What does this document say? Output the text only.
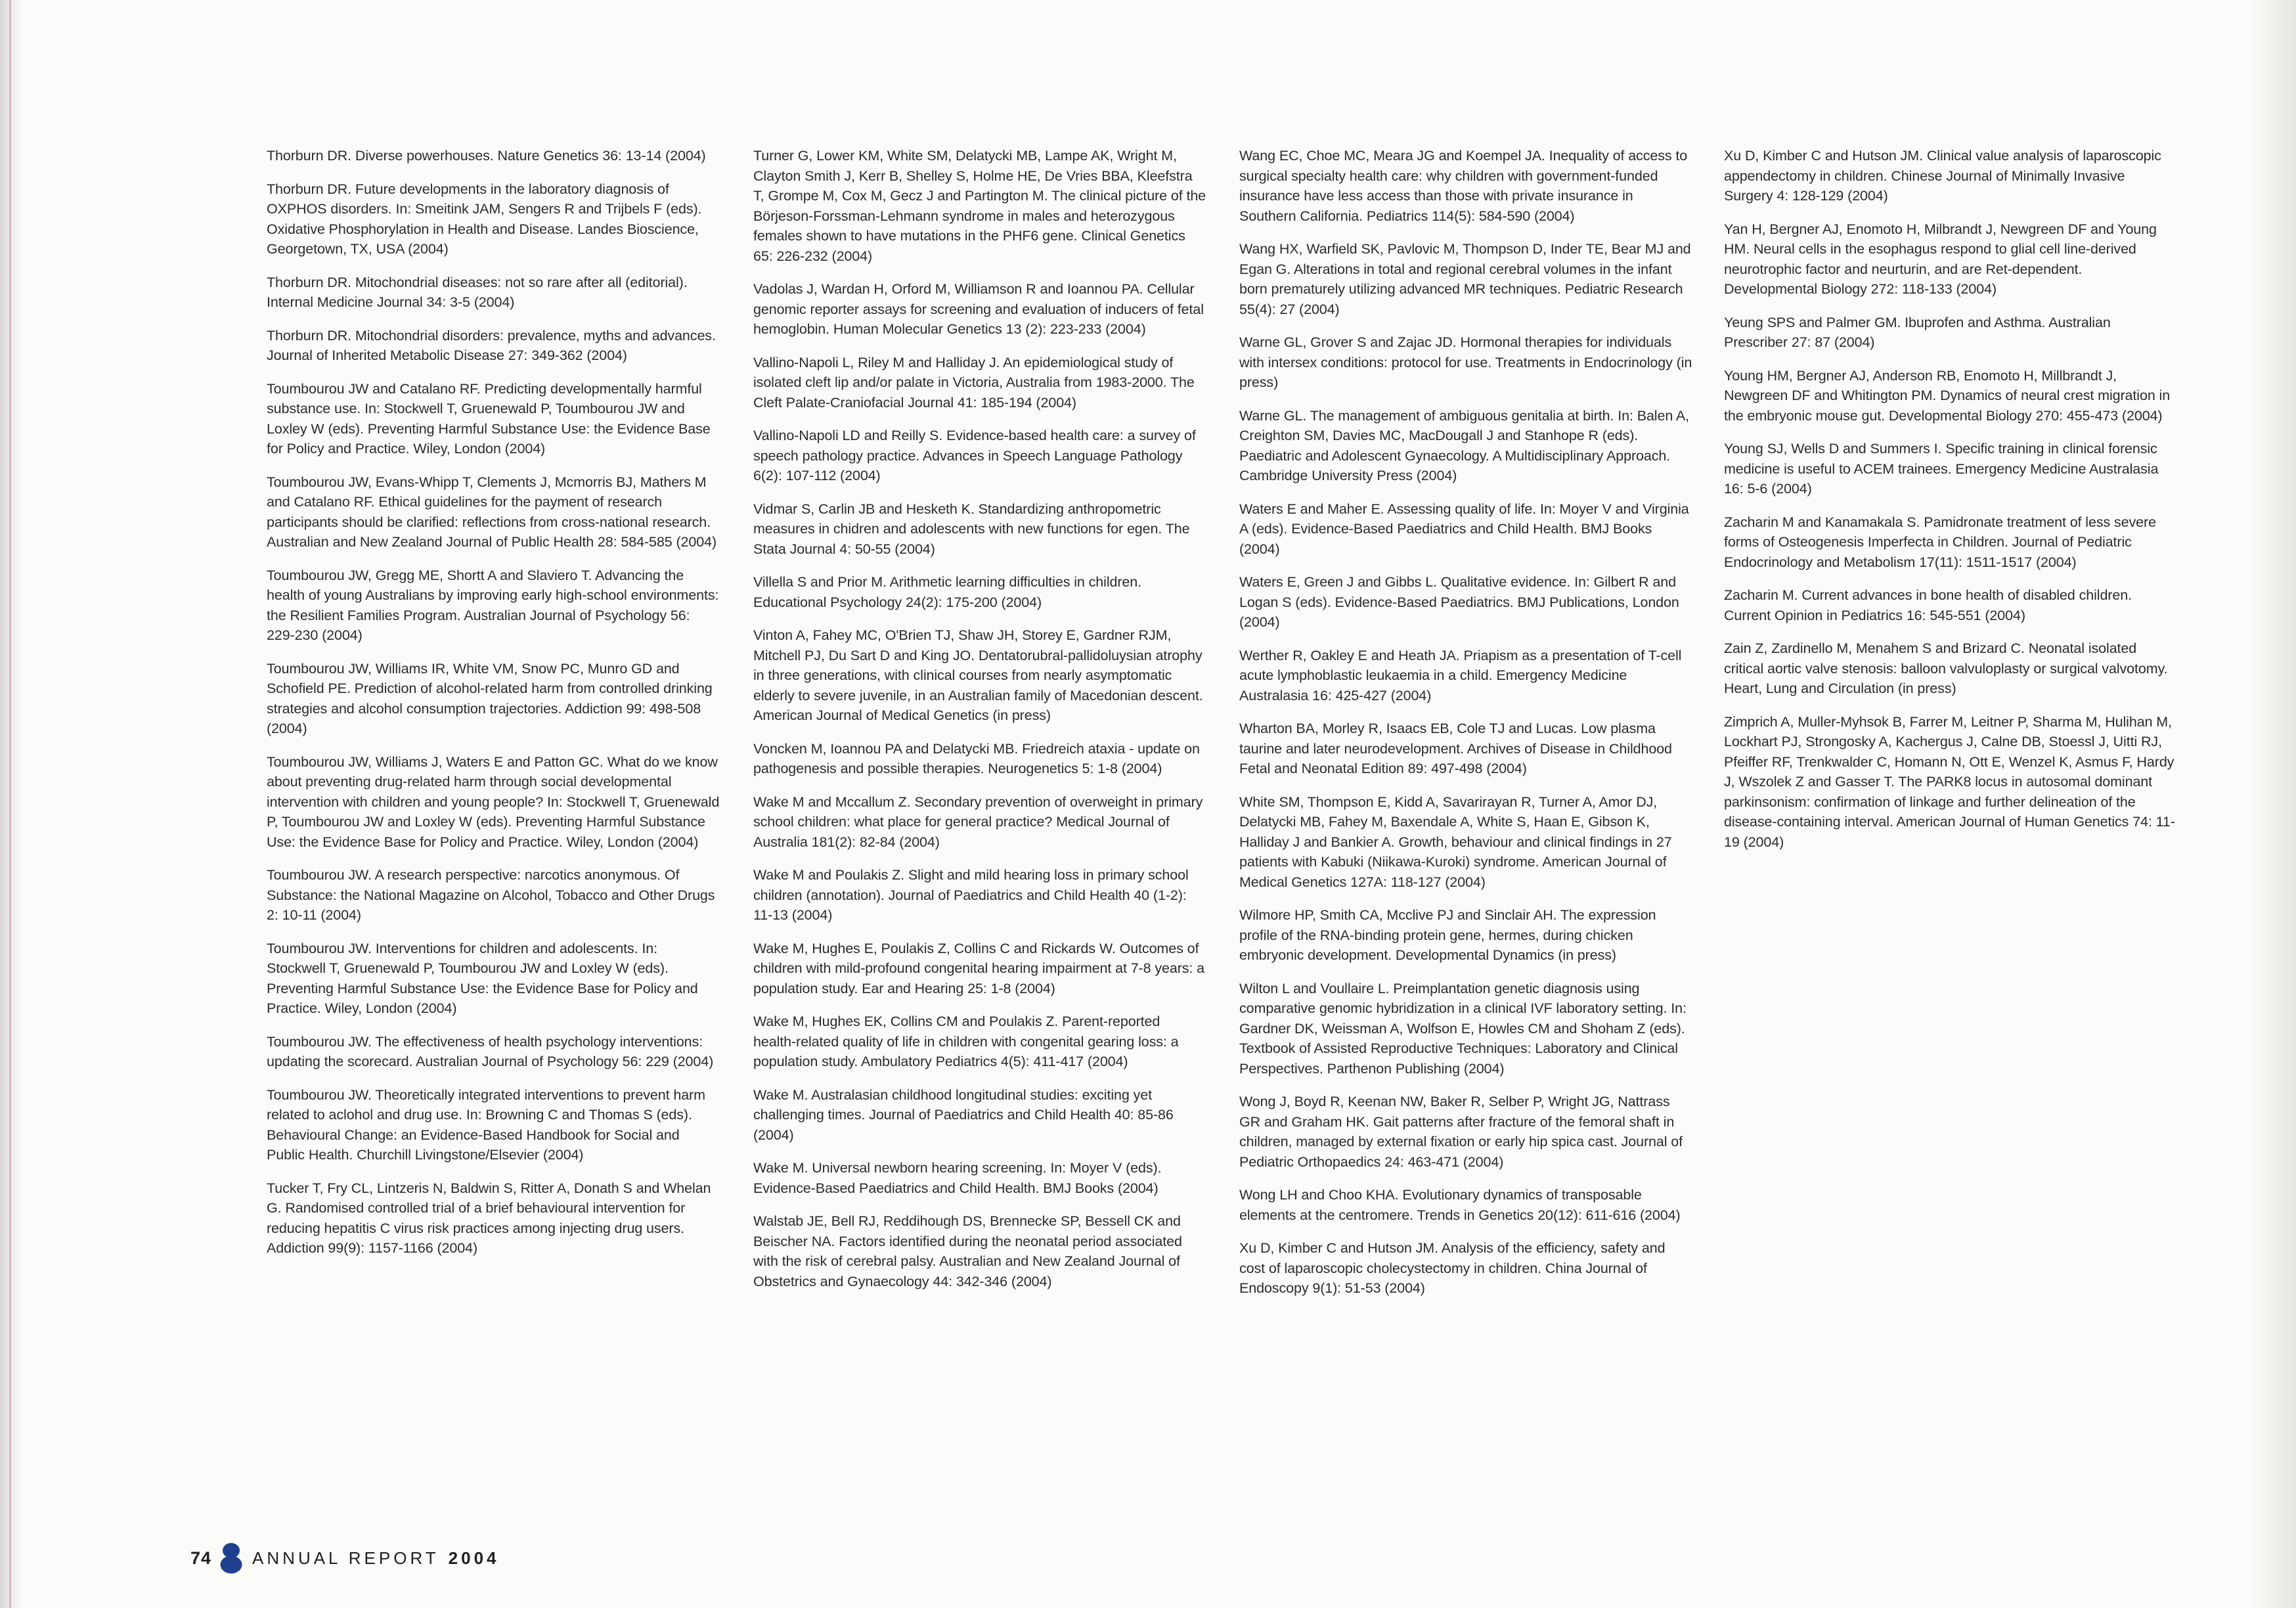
Thorburn DR. Diverse powerhouses. Nature Genetics 36: 13-14 (2004)

Thorburn DR. Future developments in the laboratory diagnosis of OXPHOS disorders. In: Smeitink JAM, Sengers R and Trijbels F (eds). Oxidative Phosphorylation in Health and Disease. Landes Bioscience, Georgetown, TX, USA (2004)

Thorburn DR. Mitochondrial diseases: not so rare after all (editorial). Internal Medicine Journal 34: 3-5 (2004)

Thorburn DR. Mitochondrial disorders: prevalence, myths and advances. Journal of Inherited Metabolic Disease 27: 349-362 (2004)

Toumbourou JW and Catalano RF. Predicting developmentally harmful substance use. In: Stockwell T, Gruenewald P, Toumbourou JW and Loxley W (eds). Preventing Harmful Substance Use: the Evidence Base for Policy and Practice. Wiley, London (2004)

Toumbourou JW, Evans-Whipp T, Clements J, Mcmorris BJ, Mathers M and Catalano RF. Ethical guidelines for the payment of research participants should be clarified: reflections from cross-national research. Australian and New Zealand Journal of Public Health 28: 584-585 (2004)

Toumbourou JW, Gregg ME, Shortt A and Slaviero T. Advancing the health of young Australians by improving early high-school environments: the Resilient Families Program. Australian Journal of Psychology 56: 229-230 (2004)

Toumbourou JW, Williams IR, White VM, Snow PC, Munro GD and Schofield PE. Prediction of alcohol-related harm from controlled drinking strategies and alcohol consumption trajectories. Addiction 99: 498-508 (2004)

Toumbourou JW, Williams J, Waters E and Patton GC. What do we know about preventing drug-related harm through social developmental intervention with children and young people? In: Stockwell T, Gruenewald P, Toumbourou JW and Loxley W (eds). Preventing Harmful Substance Use: the Evidence Base for Policy and Practice. Wiley, London (2004)

Toumbourou JW. A research perspective: narcotics anonymous. Of Substance: the National Magazine on Alcohol, Tobacco and Other Drugs 2: 10-11 (2004)

Toumbourou JW. Interventions for children and adolescents. In: Stockwell T, Gruenewald P, Toumbourou JW and Loxley W (eds). Preventing Harmful Substance Use: the Evidence Base for Policy and Practice. Wiley, London (2004)

Toumbourou JW. The effectiveness of health psychology interventions: updating the scorecard. Australian Journal of Psychology 56: 229 (2004)

Toumbourou JW. Theoretically integrated interventions to prevent harm related to aclohol and drug use. In: Browning C and Thomas S (eds). Behavioural Change: an Evidence-Based Handbook for Social and Public Health. Churchill Livingstone/Elsevier (2004)

Tucker T, Fry CL, Lintzeris N, Baldwin S, Ritter A, Donath S and Whelan G. Randomised controlled trial of a brief behavioural intervention for reducing hepatitis C virus risk practices among injecting drug users. Addiction 99(9): 1157-1166 (2004)

Turner G, Lower KM, White SM, Delatycki MB, Lampe AK, Wright M, Clayton Smith J, Kerr B, Shelley S, Holme HE, De Vries BBA, Kleefstra T, Grompe M, Cox M, Gecz J and Partington M. The clinical picture of the Börjeson-Forssman-Lehmann syndrome in males and heterozygous females shown to have mutations in the PHF6 gene. Clinical Genetics 65: 226-232 (2004)

Vadolas J, Wardan H, Orford M, Williamson R and Ioannou PA. Cellular genomic reporter assays for screening and evaluation of inducers of fetal hemoglobin. Human Molecular Genetics 13 (2): 223-233 (2004)

Vallino-Napoli L, Riley M and Halliday J. An epidemiological study of isolated cleft lip and/or palate in Victoria, Australia from 1983-2000. The Cleft Palate-Craniofacial Journal 41: 185-194 (2004)

Vallino-Napoli LD and Reilly S. Evidence-based health care: a survey of speech pathology practice. Advances in Speech Language Pathology 6(2): 107-112 (2004)

Vidmar S, Carlin JB and Hesketh K. Standardizing anthropometric measures in chidren and adolescents with new functions for egen. The Stata Journal 4: 50-55 (2004)

Villella S and Prior M. Arithmetic learning difficulties in children. Educational Psychology 24(2): 175-200 (2004)

Vinton A, Fahey MC, O'Brien TJ, Shaw JH, Storey E, Gardner RJM, Mitchell PJ, Du Sart D and King JO. Dentatorubral-pallidoluysian atrophy in three generations, with clinical courses from nearly asymptomatic elderly to severe juvenile, in an Australian family of Macedonian descent. American Journal of Medical Genetics (in press)

Voncken M, Ioannou PA and Delatycki MB. Friedreich ataxia - update on pathogenesis and possible therapies. Neurogenetics 5: 1-8 (2004)

Wake M and Mccallum Z. Secondary prevention of overweight in primary school children: what place for general practice? Medical Journal of Australia 181(2): 82-84 (2004)

Wake M and Poulakis Z. Slight and mild hearing loss in primary school children (annotation). Journal of Paediatrics and Child Health 40 (1-2): 11-13 (2004)

Wake M, Hughes E, Poulakis Z, Collins C and Rickards W. Outcomes of children with mild-profound congenital hearing impairment at 7-8 years: a population study. Ear and Hearing 25: 1-8 (2004)

Wake M, Hughes EK, Collins CM and Poulakis Z. Parent-reported health-related quality of life in children with congenital gearing loss: a population study. Ambulatory Pediatrics 4(5): 411-417 (2004)

Wake M. Australasian childhood longitudinal studies: exciting yet challenging times. Journal of Paediatrics and Child Health 40: 85-86 (2004)

Wake M. Universal newborn hearing screening. In: Moyer V (eds). Evidence-Based Paediatrics and Child Health. BMJ Books (2004)

Walstab JE, Bell RJ, Reddihough DS, Brennecke SP, Bessell CK and Beischer NA. Factors identified during the neonatal period associated with the risk of cerebral palsy. Australian and New Zealand Journal of Obstetrics and Gynaecology 44: 342-346 (2004)

Wang EC, Choe MC, Meara JG and Koempel JA. Inequality of access to surgical specialty health care: why children with government-funded insurance have less access than those with private insurance in Southern California. Pediatrics 114(5): 584-590 (2004)

Wang HX, Warfield SK, Pavlovic M, Thompson D, Inder TE, Bear MJ and Egan G. Alterations in total and regional cerebral volumes in the infant born prematurely utilizing advanced MR techniques. Pediatric Research 55(4): 27 (2004)

Warne GL, Grover S and Zajac JD. Hormonal therapies for individuals with intersex conditions: protocol for use. Treatments in Endocrinology (in press)

Warne GL. The management of ambiguous genitalia at birth. In: Balen A, Creighton SM, Davies MC, MacDougall J and Stanhope R (eds). Paediatric and Adolescent Gynaecology. A Multidisciplinary Approach. Cambridge University Press (2004)

Waters E and Maher E. Assessing quality of life. In: Moyer V and Virginia A (eds). Evidence-Based Paediatrics and Child Health. BMJ Books (2004)

Waters E, Green J and Gibbs L. Qualitative evidence. In: Gilbert R and Logan S (eds). Evidence-Based Paediatrics. BMJ Publications, London (2004)

Werther R, Oakley E and Heath JA. Priapism as a presentation of T-cell acute lymphoblastic leukaemia in a child. Emergency Medicine Australasia 16: 425-427 (2004)

Wharton BA, Morley R, Isaacs EB, Cole TJ and Lucas. Low plasma taurine and later neurodevelopment. Archives of Disease in Childhood Fetal and Neonatal Edition 89: 497-498 (2004)

White SM, Thompson E, Kidd A, Savarirayan R, Turner A, Amor DJ, Delatycki MB, Fahey M, Baxendale A, White S, Haan E, Gibson K, Halliday J and Bankier A. Growth, behaviour and clinical findings in 27 patients with Kabuki (Niikawa-Kuroki) syndrome. American Journal of Medical Genetics 127A: 118-127 (2004)

Wilmore HP, Smith CA, Mcclive PJ and Sinclair AH. The expression profile of the RNA-binding protein gene, hermes, during chicken embryonic development. Developmental Dynamics (in press)

Wilton L and Voullaire L. Preimplantation genetic diagnosis using comparative genomic hybridization in a clinical IVF laboratory setting. In: Gardner DK, Weissman A, Wolfson E, Howles CM and Shoham Z (eds). Textbook of Assisted Reproductive Techniques: Laboratory and Clinical Perspectives. Parthenon Publishing (2004)

Wong J, Boyd R, Keenan NW, Baker R, Selber P, Wright JG, Nattrass GR and Graham HK. Gait patterns after fracture of the femoral shaft in children, managed by external fixation or early hip spica cast. Journal of Pediatric Orthopaedics 24: 463-471 (2004)

Wong LH and Choo KHA. Evolutionary dynamics of transposable elements at the centromere. Trends in Genetics 20(12): 611-616 (2004)

Xu D, Kimber C and Hutson JM. Analysis of the efficiency, safety and cost of laparoscopic cholecystectomy in children. China Journal of Endoscopy 9(1): 51-53 (2004)

Xu D, Kimber C and Hutson JM. Clinical value analysis of laparoscopic appendectomy in children. Chinese Journal of Minimally Invasive Surgery 4: 128-129 (2004)

Yan H, Bergner AJ, Enomoto H, Milbrandt J, Newgreen DF and Young HM. Neural cells in the esophagus respond to glial cell line-derived neurotrophic factor and neurturin, and are Ret-dependent. Developmental Biology 272: 118-133 (2004)

Yeung SPS and Palmer GM. Ibuprofen and Asthma. Australian Prescriber 27: 87 (2004)

Young HM, Bergner AJ, Anderson RB, Enomoto H, Millbrandt J, Newgreen DF and Whitington PM. Dynamics of neural crest migration in the embryonic mouse gut. Developmental Biology 270: 455-473 (2004)

Young SJ, Wells D and Summers I. Specific training in clinical forensic medicine is useful to ACEM trainees. Emergency Medicine Australasia 16: 5-6 (2004)

Zacharin M and Kanamakala S. Pamidronate treatment of less severe forms of Osteogenesis Imperfecta in Children. Journal of Pediatric Endocrinology and Metabolism 17(11): 1511-1517 (2004)

Zacharin M. Current advances in bone health of disabled children. Current Opinion in Pediatrics 16: 545-551 (2004)

Zain Z, Zardinello M, Menahem S and Brizard C. Neonatal isolated critical aortic valve stenosis: balloon valvuloplasty or surgical valvotomy. Heart, Lung and Circulation (in press)

Zimprich A, Muller-Myhsok B, Farrer M, Leitner P, Sharma M, Hulihan M, Lockhart PJ, Strongosky A, Kachergus J, Calne DB, Stoessl J, Uitti RJ, Pfeiffer RF, Trenkwalder C, Homann N, Ott E, Wenzel K, Asmus F, Hardy J, Wszolek Z and Gasser T. The PARK8 locus in autosomal dominant parkinsonism: confirmation of linkage and further delineation of the disease-containing interval. American Journal of Human Genetics 74: 11-19 (2004)

74 ANNUAL REPORT 2004
